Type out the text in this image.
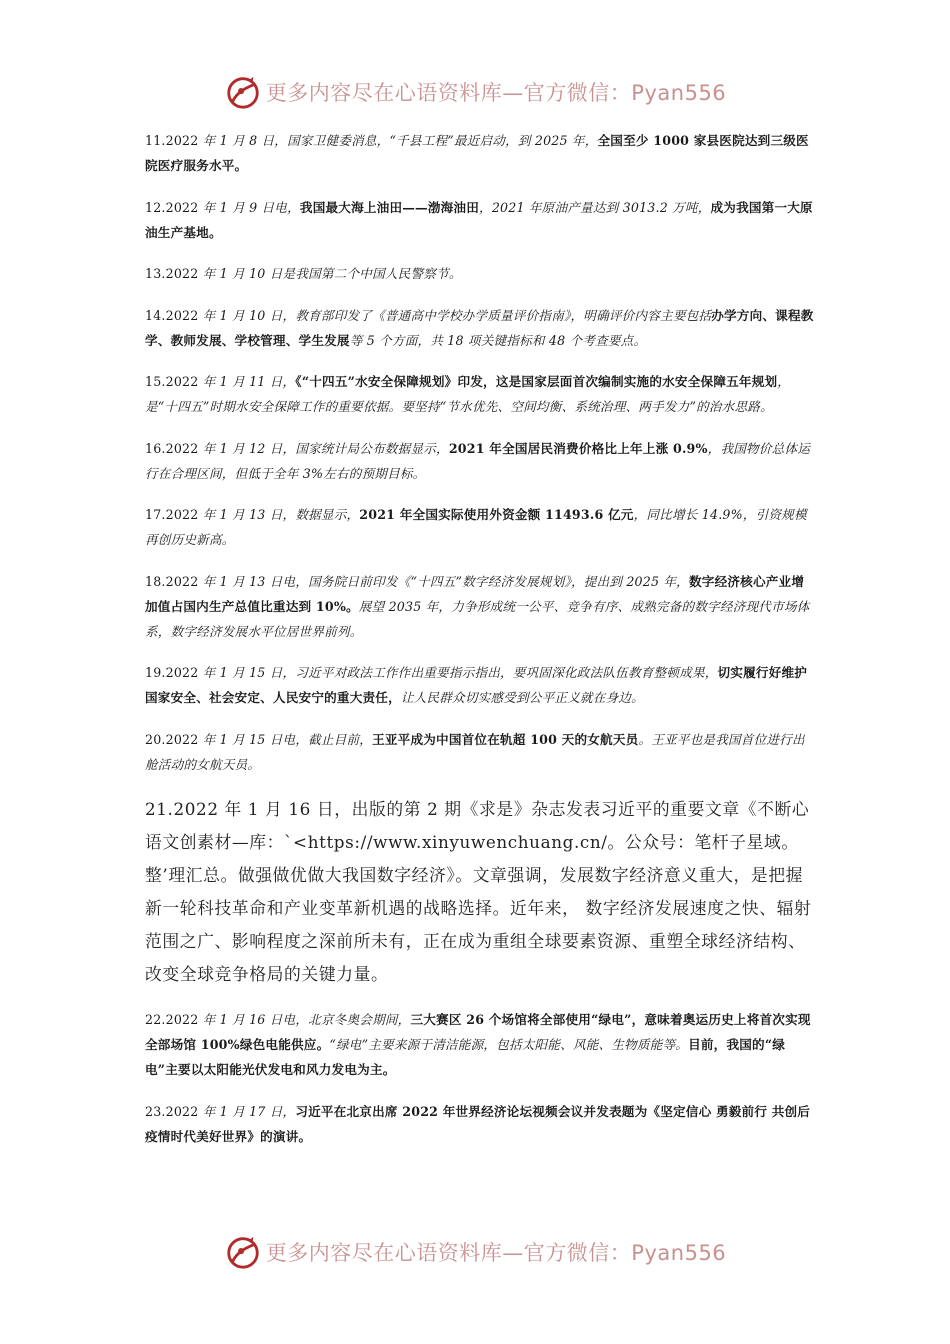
更多内容尽在心语资料库—官方微信：Pyan556

11.2022 年 1 月 8 日，国家卫健委消息，“千县工程”最近启动，到 2025 年，全国至少 1000 家县医院达到三级医院医疗服务水平。

12.2022 年 1 月 9 日电，我国最大海上油田——渤海油田，2021 年原油产量达到 3013.2 万吨，成为我国第一大原油生产基地。

13.2022 年 1 月 10 日是我国第二个中国人民警察节。

14.2022 年 1 月 10 日，教育部印发了《普通高中学校办学质量评价指南》，明确评价内容主要包括办学方向、课程教学、教师发展、学校管理、学生发展等 5 个方面，共 18 项关键指标和 48 个考查要点。

15.2022 年 1 月 11 日，《“十四五”水安全保障规划》印发，这是国家层面首次编制实施的水安全保障五年规划，是“十四五”时期水安全保障工作的重要依据。要坚持“节水优先、空间均衡、系统治理、两手发力”的治水思路。

16.2022 年 1 月 12 日，国家统计局公布数据显示，2021 年全国居民消费价格比上年上涨 0.9%，我国物价总体运行在合理区间，但低于全年 3%左右的预期目标。

17.2022 年 1 月 13 日，数据显示，2021 年全国实际使用外资金额 11493.6 亿元，同比增长 14.9%，引资规模再创历史新高。

18.2022 年 1 月 13 日电，国务院日前印发《“十四五”数字经济发展规划》，提出到 2025 年，数字经济核心产业增加值占国内生产总值比重达到 10%。展望 2035 年，力争形成统一公平、竞争有序、成熟完备的数字经济现代市场体系，数字经济发展水平位居世界前列。

19.2022 年 1 月 15 日，习近平对政法工作作出重要指示指出，要巩固深化政法队伍教育整顿成果，切实履行好维护国家安全、社会安定、人民安宁的重大责任，让人民群众切实感受到公平正义就在身边。

20.2022 年 1 月 15 日电，截止目前，王亚平成为中国首位在轨超 100 天的女航天员。王亚平也是我国首位进行出舱活动的女航天员。

21.2022 年 1 月 16 日，出版的第 2 期《求是》杂志发表习近平的重要文章《不断心语文创素材—库：`<https://www.xinyuwenchuang.cn/。公众号：笔杆子星域。整’理汇总。做强做优做大我国数字经济》。文章强调，发展数字经济意义重大，是把握新一轮科技革命和产业变革新机遇的战略选择。近年来， 数字经济发展速度之快、辐射范围之广、影响程度之深前所未有，正在成为重组全球要素资源、重塑全球经济结构、改变全球竞争格局的关键力量。

22.2022 年 1 月 16 日电，北京冬奥会期间，三大赛区 26 个场馆将全部使用“绿电”，意味着奥运历史上将首次实现全部场馆 100%绿色电能供应。“绿电”主要来源于清洁能源，包括太阳能、风能、生物质能等。目前，我国的“绿电”主要以太阳能光伏发电和风力发电为主。

23.2022 年 1 月 17 日，习近平在北京出席 2022 年世界经济论坛视频会议并发表题为《坚定信心 勇毅前行 共创后疫情时代美好世界》的演讲。

更多内容尽在心语资料库—官方微信：Pyan556
